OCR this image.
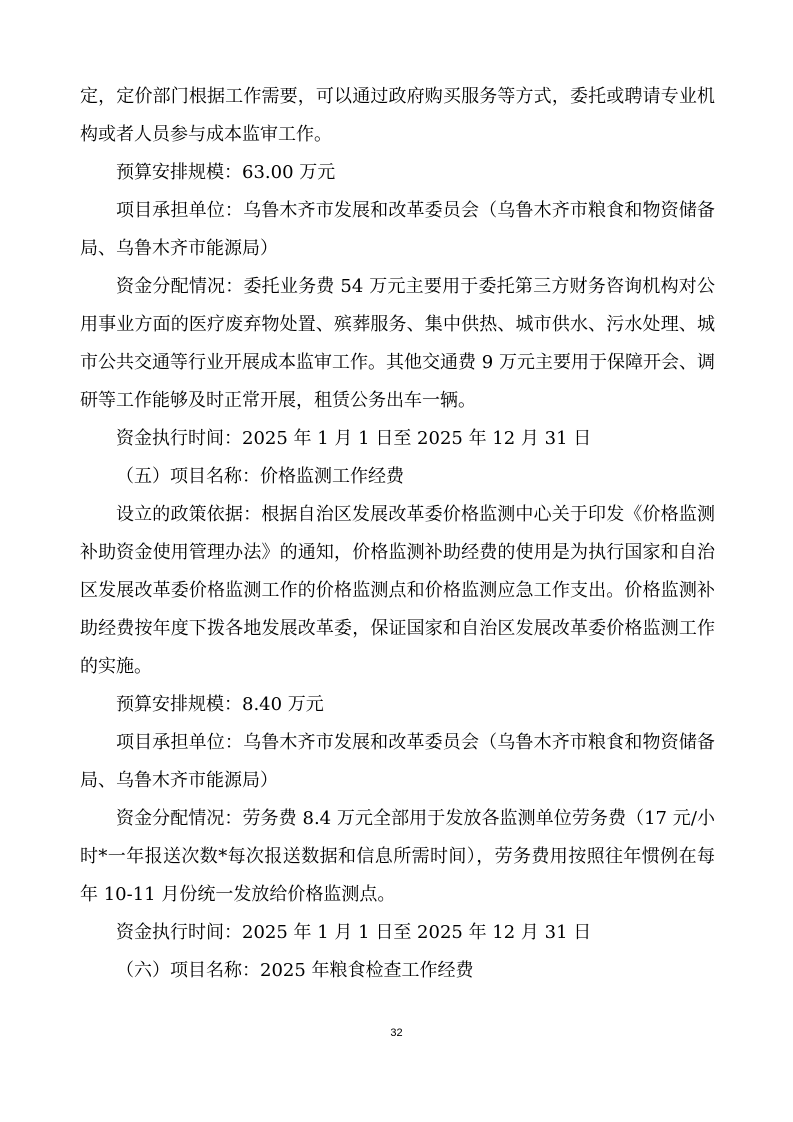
定，定价部门根据工作需要，可以通过政府购买服务等方式，委托或聘请专业机构或者人员参与成本监审工作。

预算安排规模：63.00 万元

项目承担单位：乌鲁木齐市发展和改革委员会（乌鲁木齐市粮食和物资储备局、乌鲁木齐市能源局）

资金分配情况：委托业务费 54 万元主要用于委托第三方财务咨询机构对公用事业方面的医疗废弃物处置、殡葬服务、集中供热、城市供水、污水处理、城市公共交通等行业开展成本监审工作。其他交通费 9 万元主要用于保障开会、调研等工作能够及时正常开展，租赁公务出车一辆。

资金执行时间：2025 年 1 月 1 日至 2025 年 12 月 31 日

（五）项目名称：价格监测工作经费

设立的政策依据：根据自治区发展改革委价格监测中心关于印发《价格监测补助资金使用管理办法》的通知，价格监测补助经费的使用是为执行国家和自治区发展改革委价格监测工作的价格监测点和价格监测应急工作支出。价格监测补助经费按年度下拨各地发展改革委，保证国家和自治区发展改革委价格监测工作的实施。

预算安排规模：8.40 万元

项目承担单位：乌鲁木齐市发展和改革委员会（乌鲁木齐市粮食和物资储备局、乌鲁木齐市能源局）

资金分配情况：劳务费 8.4 万元全部用于发放各监测单位劳务费（17 元/小时*一年报送次数*每次报送数据和信息所需时间），劳务费用按照往年惯例在每年 10-11 月份统一发放给价格监测点。

资金执行时间：2025 年 1 月 1 日至 2025 年 12 月 31 日

（六）项目名称：2025 年粮食检查工作经费

32
